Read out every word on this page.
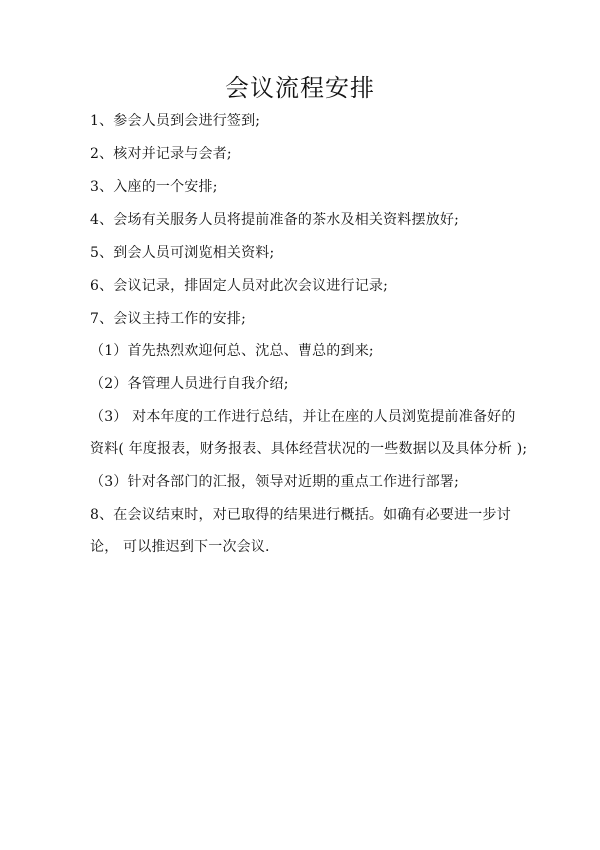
会议流程安排
1、参会人员到会进行签到;
2、核对并记录与会者;
3、入座的一个安排;
4、会场有关服务人员将提前准备的茶水及相关资料摆放好;
5、到会人员可浏览相关资料;
6、会议记录，排固定人员对此次会议进行记录;
7、会议主持工作的安排;
（1）首先热烈欢迎何总、沈总、曹总的到来;
（2）各管理人员进行自我介绍;
（3） 对本年度的工作进行总结，并让在座的人员浏览提前准备好的
资料( 年度报表，财务报表、具体经营状况的一些数据以及具体分析 );
（3）针对各部门的汇报，领导对近期的重点工作进行部署;
8、在会议结束时，对已取得的结果进行概括。如确有必要进一步讨
论， 可以推迟到下一次会议.
